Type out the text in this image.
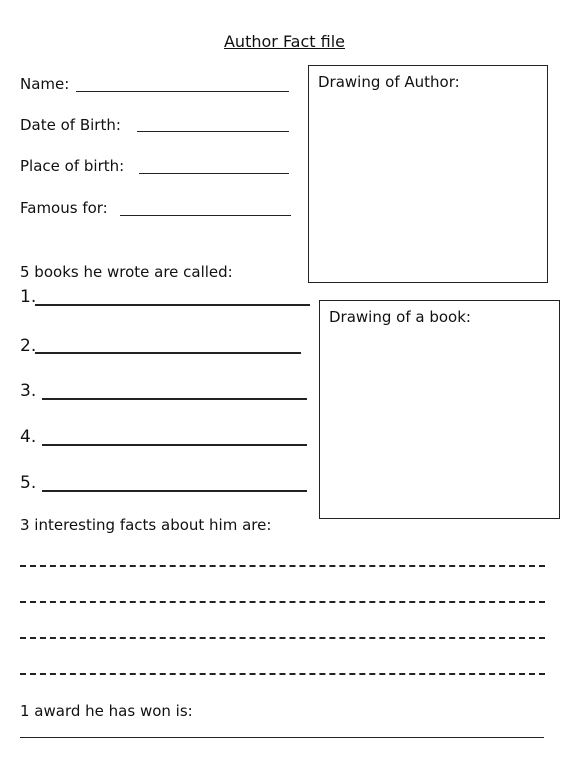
Author Fact file
Name:
Date of Birth:
Place of birth:
Famous for:
Drawing of Author:
5 books he wrote are called:
1.
2.
3.
4.
5.
Drawing of a book:
3 interesting facts about him are:
1 award he has won is:
